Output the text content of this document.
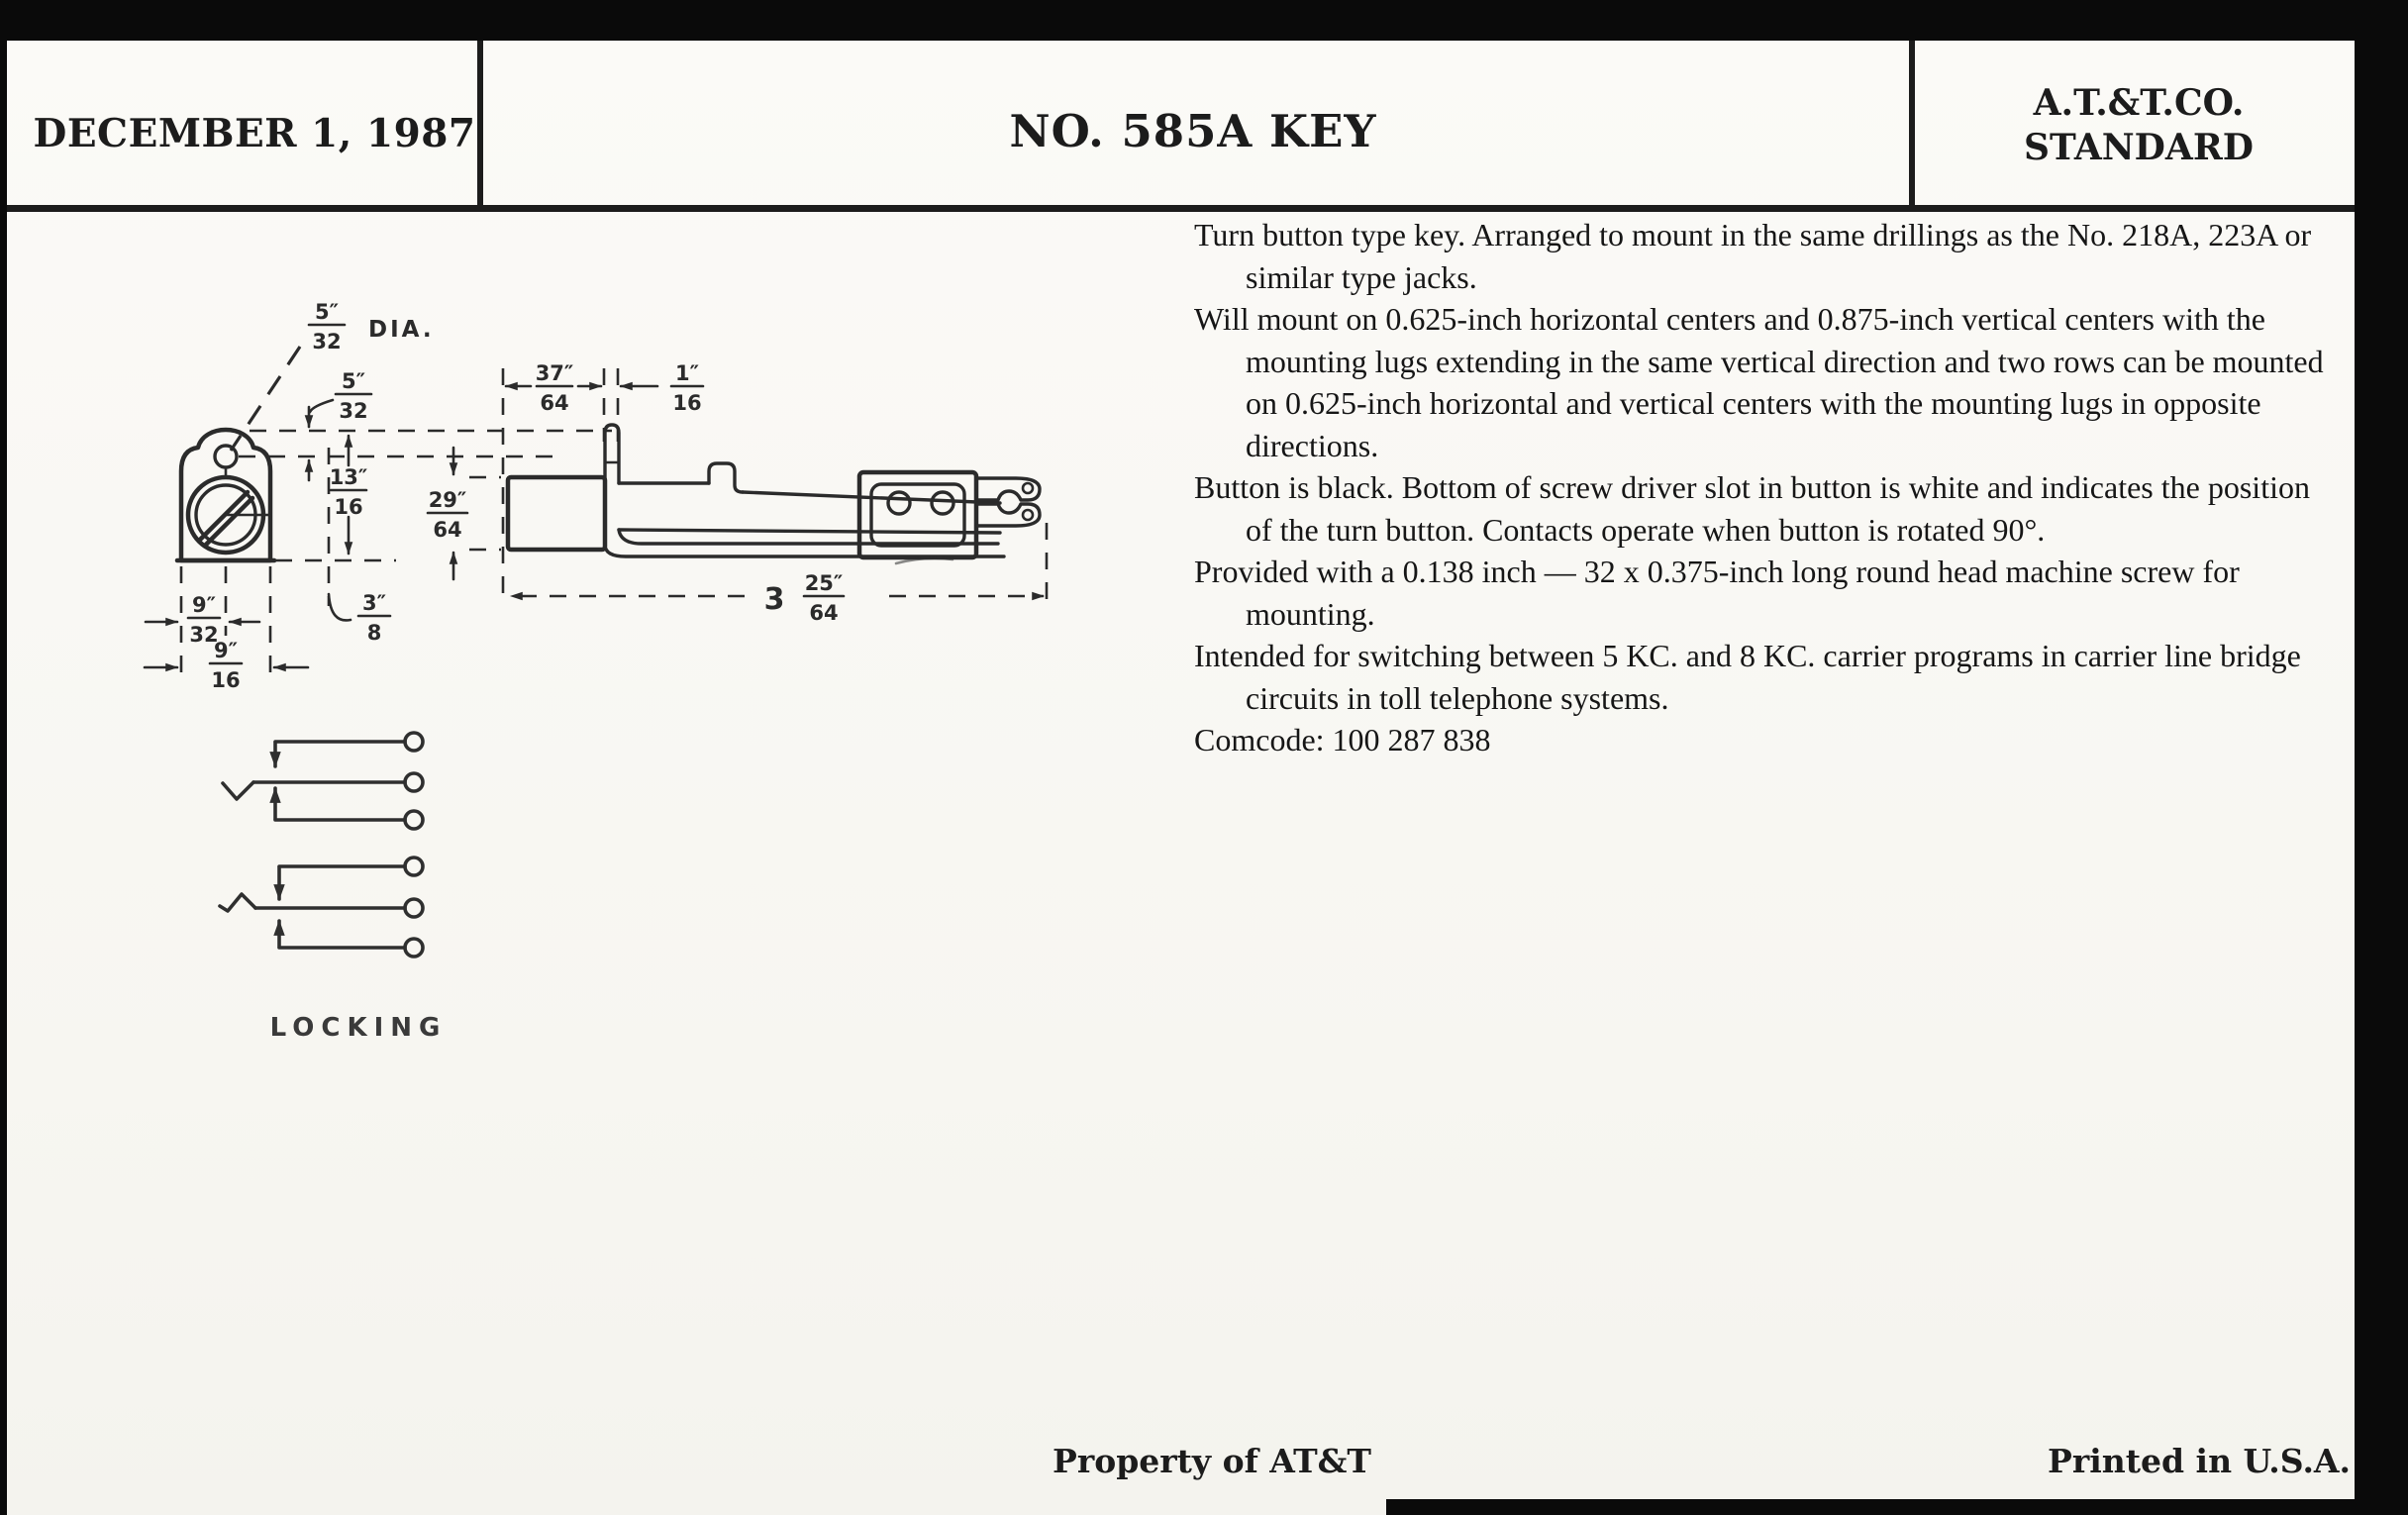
DECEMBER 1, 1987	NO. 585A KEY
A.T.&T.CO.
STANDARD

Turn button type key. Arranged to mount in the same drillings as the No. 218A, 223A or similar type jacks.

Will mount on 0.625-inch horizontal centers and 0.875-inch vertical centers with the mounting lugs extending in the same vertical direction and two rows can be mounted on 0.625-inch horizontal and vertical centers with the mounting lugs in opposite directions.

Button is black. Bottom of screw driver slot in button is white and indicates the position of the turn button. Contacts operate when button is rotated 90°.

Provided with a 0.138 inch — 32 x 0.375-inch long round head machine screw for mounting.

Intended for switching between 5 KC. and 8 KC. carrier programs in carrier line bridge circuits in toll telephone systems.

Comcode: 100 287 838

Property of AT&T	Printed in U.S.A.
5″
32 DIA.
5″
32
13″
16
9″
32
9″
16
3″
8
37″
64
1″
16
29″
64
3 25″
64
LOCKING
